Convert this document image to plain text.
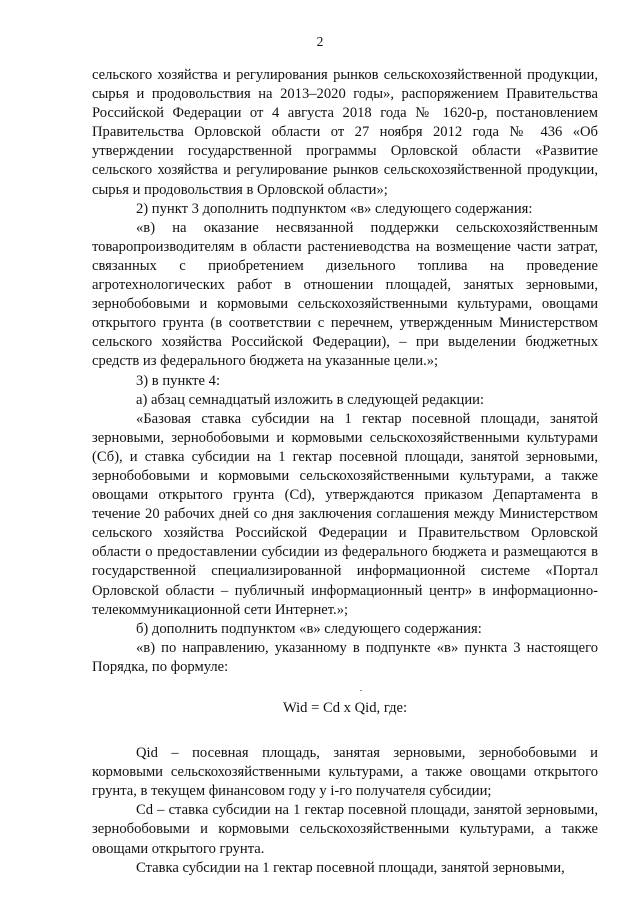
2

сельского хозяйства и регулирования рынков сельскохозяйственной продукции, сырья и продовольствия на 2013–2020 годы», распоряжением Правительства Российской Федерации от 4 августа 2018 года № 1620-р, постановлением Правительства Орловской области от 27 ноября 2012 года № 436 «Об утверждении государственной программы Орловской области «Развитие сельского хозяйства и регулирование рынков сельскохозяйственной продукции, сырья и продовольствия в Орловской области»;

2) пункт 3 дополнить подпунктом «в» следующего содержания:

«в) на оказание несвязанной поддержки сельскохозяйственным товаропроизводителям в области растениеводства на возмещение части затрат, связанных с приобретением дизельного топлива на проведение агротехнологических работ в отношении площадей, занятых зерновыми, зернобобовыми и кормовыми сельскохозяйственными культурами, овощами открытого грунта (в соответствии с перечнем, утвержденным Министерством сельского хозяйства Российской Федерации), – при выделении бюджетных средств из федерального бюджета на указанные цели.»;

3) в пункте 4:

а) абзац семнадцатый изложить в следующей редакции:

«Базовая ставка субсидии на 1 гектар посевной площади, занятой зерновыми, зернобобовыми и кормовыми сельскохозяйственными культурами (Сб), и ставка субсидии на 1 гектар посевной площади, занятой зерновыми, зернобобовыми и кормовыми сельскохозяйственными культурами, а также овощами открытого грунта (Cd), утверждаются приказом Департамента в течение 20 рабочих дней со дня заключения соглашения между Министерством сельского хозяйства Российской Федерации и Правительством Орловской области о предоставлении субсидии из федерального бюджета и размещаются в государственной специализированной информационной системе «Портал Орловской области – публичный информационный центр» в информационно-телекоммуникационной сети Интернет.»;

б) дополнить подпунктом «в» следующего содержания:

«в) по направлению, указанному в подпункте «в» пункта 3 настоящего Порядка, по формуле:

Wid = Cd x Qid, где:

Qid – посевная площадь, занятая зерновыми, зернобобовыми и кормовыми сельскохозяйственными культурами, а также овощами открытого грунта, в текущем финансовом году у i-го получателя субсидии;

Cd – ставка субсидии на 1 гектар посевной площади, занятой зерновыми, зернобобовыми и кормовыми сельскохозяйственными культурами, а также овощами открытого грунта.

Ставка субсидии на 1 гектар посевной площади, занятой зерновыми,
